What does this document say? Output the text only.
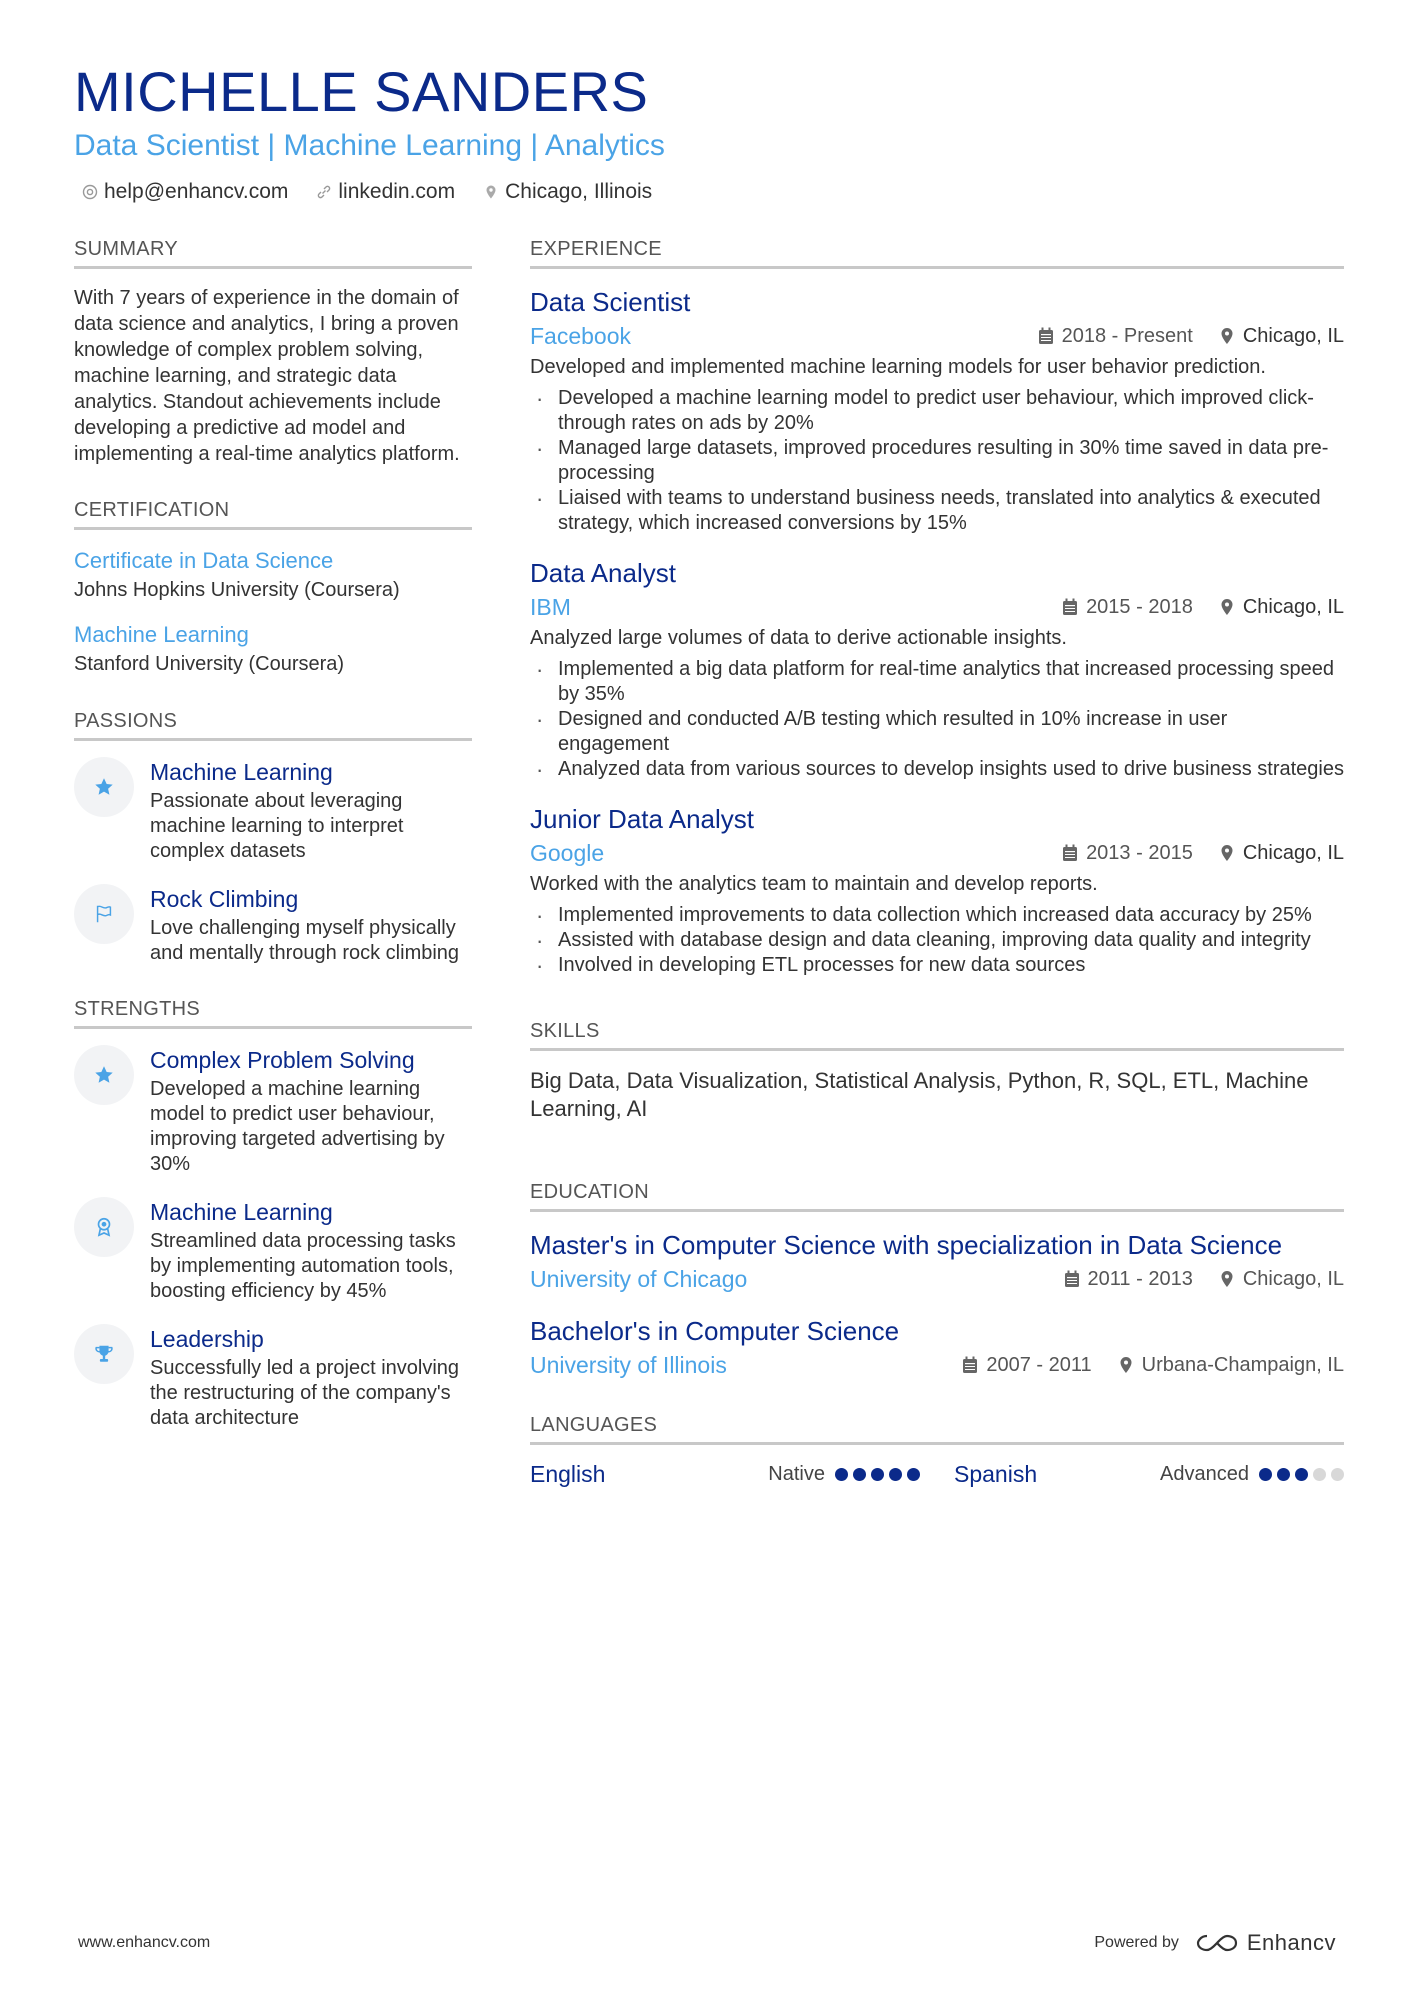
MICHELLE SANDERS
Data Scientist | Machine Learning | Analytics
help@enhancv.com linkedin.com Chicago, Illinois
SUMMARY
With 7 years of experience in the domain of data science and analytics, I bring a proven knowledge of complex problem solving, machine learning, and strategic data analytics. Standout achievements include developing a predictive ad model and implementing a real-time analytics platform.
CERTIFICATION
Certificate in Data Science
Johns Hopkins University (Coursera)
Machine Learning
Stanford University (Coursera)
PASSIONS
Machine Learning
Passionate about leveraging machine learning to interpret complex datasets
Rock Climbing
Love challenging myself physically and mentally through rock climbing
STRENGTHS
Complex Problem Solving
Developed a machine learning model to predict user behaviour, improving targeted advertising by 30%
Machine Learning
Streamlined data processing tasks by implementing automation tools, boosting efficiency by 45%
Leadership
Successfully led a project involving the restructuring of the company's data architecture
EXPERIENCE
Data Scientist
Facebook	2018 - Present	Chicago, IL
Developed and implemented machine learning models for user behavior prediction.
· Developed a machine learning model to predict user behaviour, which improved click-through rates on ads by 20%
· Managed large datasets, improved procedures resulting in 30% time saved in data pre-processing
· Liaised with teams to understand business needs, translated into analytics & executed strategy, which increased conversions by 15%
Data Analyst
IBM	2015 - 2018	Chicago, IL
Analyzed large volumes of data to derive actionable insights.
· Implemented a big data platform for real-time analytics that increased processing speed by 35%
· Designed and conducted A/B testing which resulted in 10% increase in user engagement
· Analyzed data from various sources to develop insights used to drive business strategies
Junior Data Analyst
Google	2013 - 2015	Chicago, IL
Worked with the analytics team to maintain and develop reports.
· Implemented improvements to data collection which increased data accuracy by 25%
· Assisted with database design and data cleaning, improving data quality and integrity
· Involved in developing ETL processes for new data sources
SKILLS
Big Data, Data Visualization, Statistical Analysis, Python, R, SQL, ETL, Machine Learning, AI
EDUCATION
Master's in Computer Science with specialization in Data Science
University of Chicago	2011 - 2013	Chicago, IL
Bachelor's in Computer Science
University of Illinois	2007 - 2011	Urbana-Champaign, IL
LANGUAGES
English	Native	Spanish	Advanced
www.enhancv.com	Powered by	Enhancv
